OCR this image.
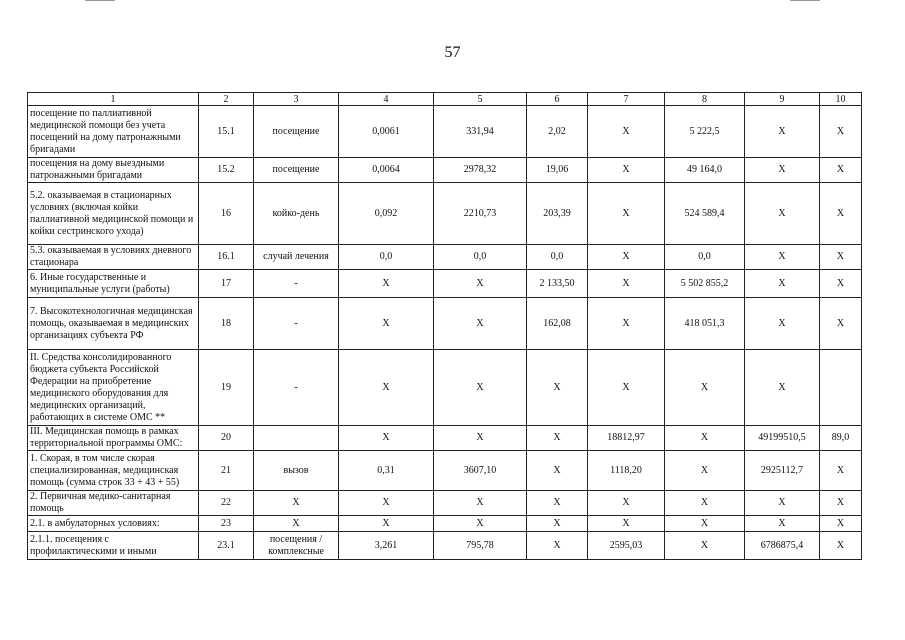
57
1	2	3	4	5	6	7	8	9	10
посещение по паллиативной медицинской помощи без учета посещений на дому патронажными бригадами	15.1	посещение	0,0061	331,94	2,02	X	5 222,5	X	X
посещения на дому выездными патронажными бригадами	15.2	посещение	0,0064	2978,32	19,06	X	49 164,0	X	X
5.2. оказываемая в стационарных условиях (включая койки паллиативной медицинской помощи и койки сестринского ухода)	16	койко-день	0,092	2210,73	203,39	X	524 589,4	X	X
5.3. оказываемая в условиях дневного стационара	16.1	случай лечения	0,0	0,0	0,0	X	0,0	X	X
6. Иные государственные и муниципальные услуги (работы)	17	-	X	X	2 133,50	X	5 502 855,2	X	X
7. Высокотехнологичная медицинская помощь, оказываемая в медицинских организациях субъекта РФ	18	-	X	X	162,08	X	418 051,3	X	X
II. Средства консолидированного бюджета субъекта Российской Федерации на приобретение медицинского оборудования для медицинских организаций, работающих в системе ОМС **	19	-	X	X	X	X	X	X	
III. Медицинская помощь в рамках территориальной программы ОМС:	20		X	X	X	18812,97	X	49199510,5	89,0
1. Скорая, в том числе скорая специализированная, медицинская помощь (сумма строк 33 + 43 + 55)	21	вызов	0,31	3607,10	X	1118,20	X	2925112,7	X
2. Первичная медико-санитарная помощь	22	X	X	X	X	X	X	X	X
2.1. в амбулаторных условиях:	23	X	X	X	X	X	X	X	X
2.1.1. посещения с профилактическими и иными	23.1	посещения / комплексные	3,261	795,78	X	2595,03	X	6786875,4	X
